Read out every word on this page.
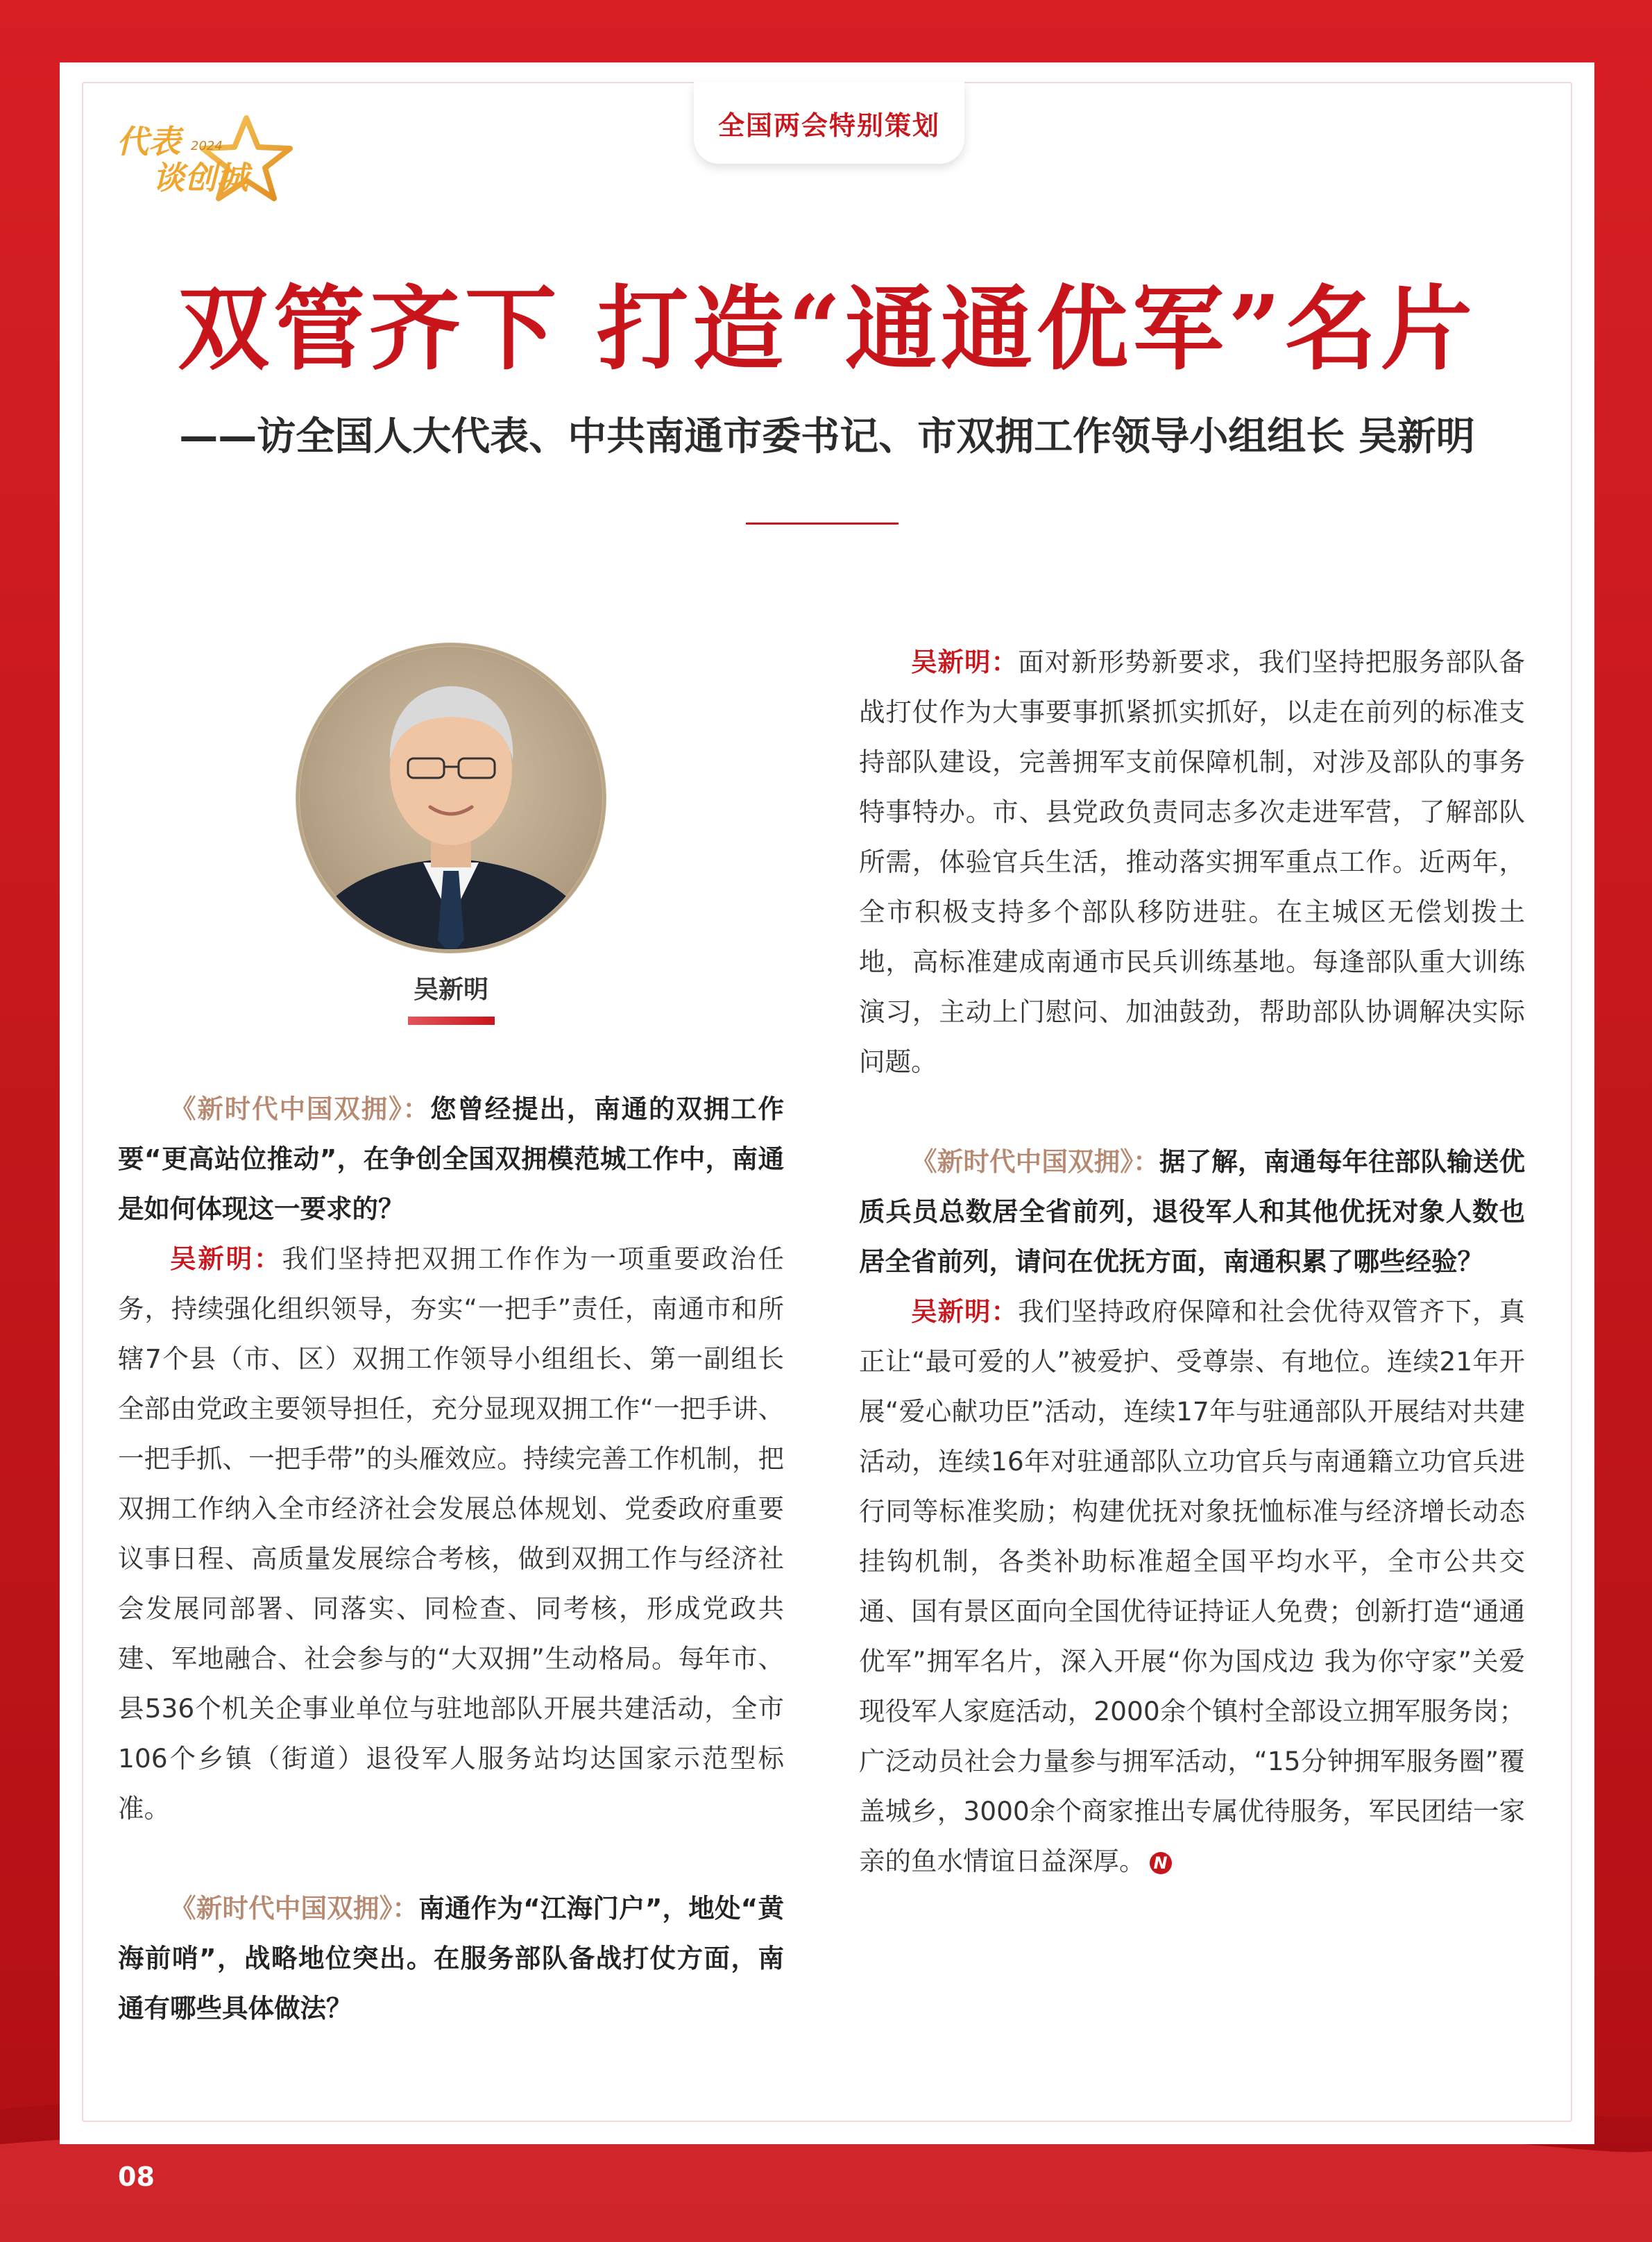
全国两会特别策划
代表 2024
谈创城
双管齐下 打造“通通优军”名片
——访全国人大代表、中共南通市委书记、市双拥工作领导小组组长 吴新明
吴新明

《新时代中国双拥》：您曾经提出，南通的双拥工作要“更高站位推动”，在争创全国双拥模范城工作中，南通是如何体现这一要求的？

吴新明：我们坚持把双拥工作作为一项重要政治任务，持续强化组织领导，夯实“一把手”责任，南通市和所辖7个县（市、区）双拥工作领导小组组长、第一副组长全部由党政主要领导担任，充分显现双拥工作“一把手讲、一把手抓、一把手带”的头雁效应。持续完善工作机制，把双拥工作纳入全市经济社会发展总体规划、党委政府重要议事日程、高质量发展综合考核，做到双拥工作与经济社会发展同部署、同落实、同检查、同考核，形成党政共建、军地融合、社会参与的“大双拥”生动格局。每年市、县536个机关企事业单位与驻地部队开展共建活动，全市106个乡镇（街道）退役军人服务站均达国家示范型标准。

《新时代中国双拥》：南通作为“江海门户”，地处“黄海前哨”，战略地位突出。在服务部队备战打仗方面，南通有哪些具体做法？

吴新明：面对新形势新要求，我们坚持把服务部队备战打仗作为大事要事抓紧抓实抓好，以走在前列的标准支持部队建设，完善拥军支前保障机制，对涉及部队的事务特事特办。市、县党政负责同志多次走进军营，了解部队所需，体验官兵生活，推动落实拥军重点工作。近两年，全市积极支持多个部队移防进驻。在主城区无偿划拨土地，高标准建成南通市民兵训练基地。每逢部队重大训练演习，主动上门慰问、加油鼓劲，帮助部队协调解决实际问题。

《新时代中国双拥》：据了解，南通每年往部队输送优质兵员总数居全省前列，退役军人和其他优抚对象人数也居全省前列，请问在优抚方面，南通积累了哪些经验？

吴新明：我们坚持政府保障和社会优待双管齐下，真正让“最可爱的人”被爱护、受尊崇、有地位。连续21年开展“爱心献功臣”活动，连续17年与驻通部队开展结对共建活动，连续16年对驻通部队立功官兵与南通籍立功官兵进行同等标准奖励；构建优抚对象抚恤标准与经济增长动态挂钩机制，各类补助标准超全国平均水平，全市公共交通、国有景区面向全国优待证持证人免费；创新打造“通通优军”拥军名片，深入开展“你为国戍边 我为你守家”关爱现役军人家庭活动，2000余个镇村全部设立拥军服务岗；广泛动员社会力量参与拥军活动，“15分钟拥军服务圈”覆盖城乡，3000余个商家推出专属优待服务，军民团结一家亲的鱼水情谊日益深厚。 N

08
